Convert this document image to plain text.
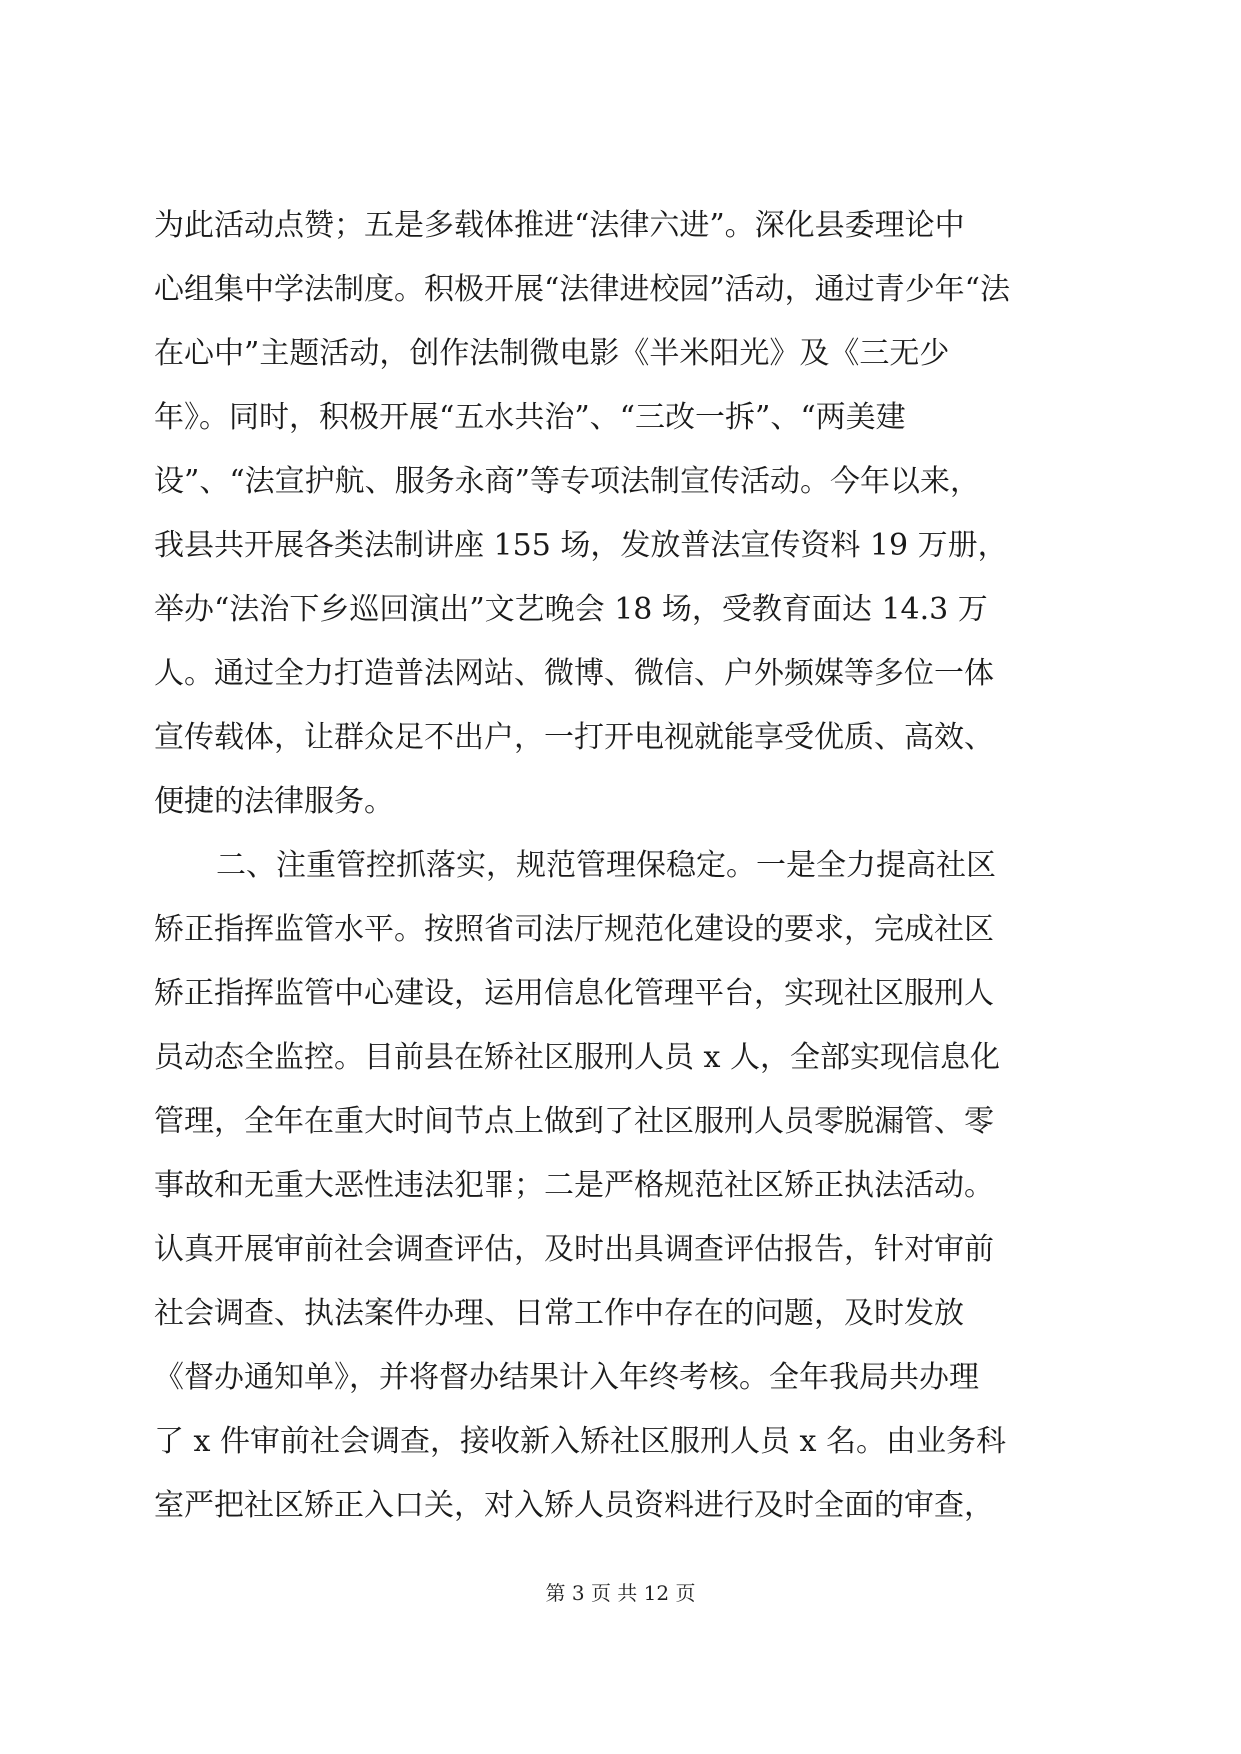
为此活动点赞；五是多载体推进“法律六进”。深化县委理论中
心组集中学法制度。积极开展“法律进校园”活动，通过青少年“法
在心中”主题活动，创作法制微电影《半米阳光》及《三无少
年》。同时，积极开展“五水共治”、“三改一拆”、“两美建
设”、“法宣护航、服务永商”等专项法制宣传活动。今年以来，
我县共开展各类法制讲座 155 场，发放普法宣传资料 19 万册，
举办“法治下乡巡回演出”文艺晚会 18 场，受教育面达 14.3 万
人。通过全力打造普法网站、微博、微信、户外频媒等多位一体
宣传载体，让群众足不出户，一打开电视就能享受优质、高效、
便捷的法律服务。
二、注重管控抓落实，规范管理保稳定。一是全力提高社区
矫正指挥监管水平。按照省司法厅规范化建设的要求，完成社区
矫正指挥监管中心建设，运用信息化管理平台，实现社区服刑人
员动态全监控。目前县在矫社区服刑人员 x 人，全部实现信息化
管理，全年在重大时间节点上做到了社区服刑人员零脱漏管、零
事故和无重大恶性违法犯罪；二是严格规范社区矫正执法活动。
认真开展审前社会调查评估，及时出具调查评估报告，针对审前
社会调查、执法案件办理、日常工作中存在的问题，及时发放
《督办通知单》，并将督办结果计入年终考核。全年我局共办理
了 x 件审前社会调查，接收新入矫社区服刑人员 x 名。由业务科
室严把社区矫正入口关，对入矫人员资料进行及时全面的审查，
第 3 页 共 12 页
